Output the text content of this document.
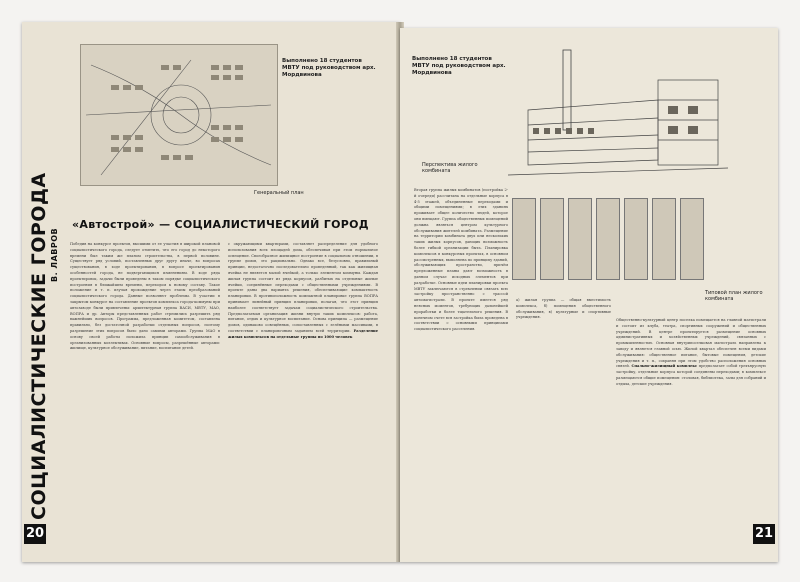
Выполнено 18 студентов МВТУ под руководством арх. Мордвинова
Генеральный план
В. ЛАВРОВ
СОЦИАЛИСТИЧЕСКИЕ ГОРОДА
20
«Автострой» — СОЦИАЛИСТИЧЕСКИЙ ГОРОД
Победив на конкурсе проектов, высшими от ее участия в широкой плановой социалистического города, следует отметить, что его город до некоторого времени был таким же планом строительства, в первой половине. Существует ряд условий, поставленных друг другу иначе, во вопросах существования, в ходе проектирования, в вопросе проектирования особенностей города, не подвергающихся изменениям. В ходе ряда проектировок, задачи были проведены в таком порядке социалистического построения в ближайшем времени, переходом к новому составу. Такое положение и т. п. изучая прохождение через этапы преобразований социалистического города. Данные позволяют проблемы. В участии в закрытом конкурсе на составление проектов комплекса города-коммуны при автозаводе были привлечены: архитектурная группа ВАСИ, МВТУ, МАО, ВОПРА и др. Авторы представленных работ стремились разрешить ряд важнейших вопросов. Программа, предложенная комитетом, составлена правильно, без достаточной разработки отдельных вопросов, поэтому разрешение этих вопросов было дано самими авторами. Группа МАО в основу своей работы положила принцип самообслуживания в организованных коллективах. Основные вопросы, разрешённые авторами: жилище, культурное обслуживание, питание, воспитание детей.
с окружающими квартирами, составляет распределение для удобного использования всех площадей дома, обеспечивая при этом нормальное освещение. Своеобразное жилищное построение в социальном отношении, в группе домов, это рационально. Однако все, безусловно, правильный принцип, недостаточно последовательно проведенный, так как жилищная ячейка не является малой ячейкой, а только элементом коммуны. Каждая жилая группа состоит из ряда корпусов, разбитых на отдельные жилые ячейки, соединённые переходами с общественными учреждениями. В проекте даны два варианта решения, обеспечивающие компактность планировки. В противоположность компактной планировке группа ВОПРА принимает линейный принцип планировки, полагая, что этот принцип наиболее соответствует задачам социалистического строительства. Предполагаемая организация жизни внутри таких комплексов: работа, питание, отдых и культурное воспитание. Основа принципа — размещение домов, одинаково освещённых, сопоставленных с зелёными массивами, в соответствии с планировочным заданием всей территории. Разделение жилых комплексов на отдельные группы по 1000 человек
Выполнено 18 студентов МВТУ под руководством арх. Мордвинова
Перспектива жилого комбината
Типовой план жилого комбината
Вторая группа жилых комбинатов (постройка 2-й очереди) рассчитана на отдельные корпуса в 4-5 этажей, объединенные переходами и общими помещениями; в этих зданиях проживает общее количество людей, которое они вмещают. Группа общественных помещений должна являться центром культурного обслуживания жителей комбината. Размещение на территории комбината двух или нескольких таких жилых корпусов, дающих возможность более гибкой организации быта. Планировка комплексов в конкурсных проектах, в основном рассмотренных, выполнена по принципу зданий, обслуживающих пространство, причём предложенные планы дают возможность в данном случае исходных элементов при разработке. Основные идеи планировки проекта МВТУ заключаются в стремлении связать всю застройку пространственно с трассой автомагистрали. В проекте имеется ряд неясных моментов, требующих дальнейшей проработки и более тщательного решения. В конечном счете вся застройка была проведена в соответствии с основными принципами социалистического расселения.
а) жилая группа — общая вместимость комплекса, б) помещения общественного обслуживания, в) культурные и спортивные учреждения.
Общественно-культурный центр поселка помещается на главной магистрали и состоит из клуба, театра, спортивных сооружений и общественных учреждений. В центре проектируется размещение основных административных и хозяйственных учреждений, связанных с промышленностью. Основная внутрипоселковая магистраль направлена к заводу и является главной осью. Жилой квартал обеспечен всеми видами обслуживания: общественное питание, бытовые помещения, детские учреждения и т. п., сохраняя при этом удобство расположения основных связей. Спально-жилищный комплекс предполагает собой трехъярусную застройку, отдельные корпуса которой соединены переходами; в комплексе размещаются общие помещения: столовая, библиотека, залы для собраний и отдыха, детские учреждения.
21
